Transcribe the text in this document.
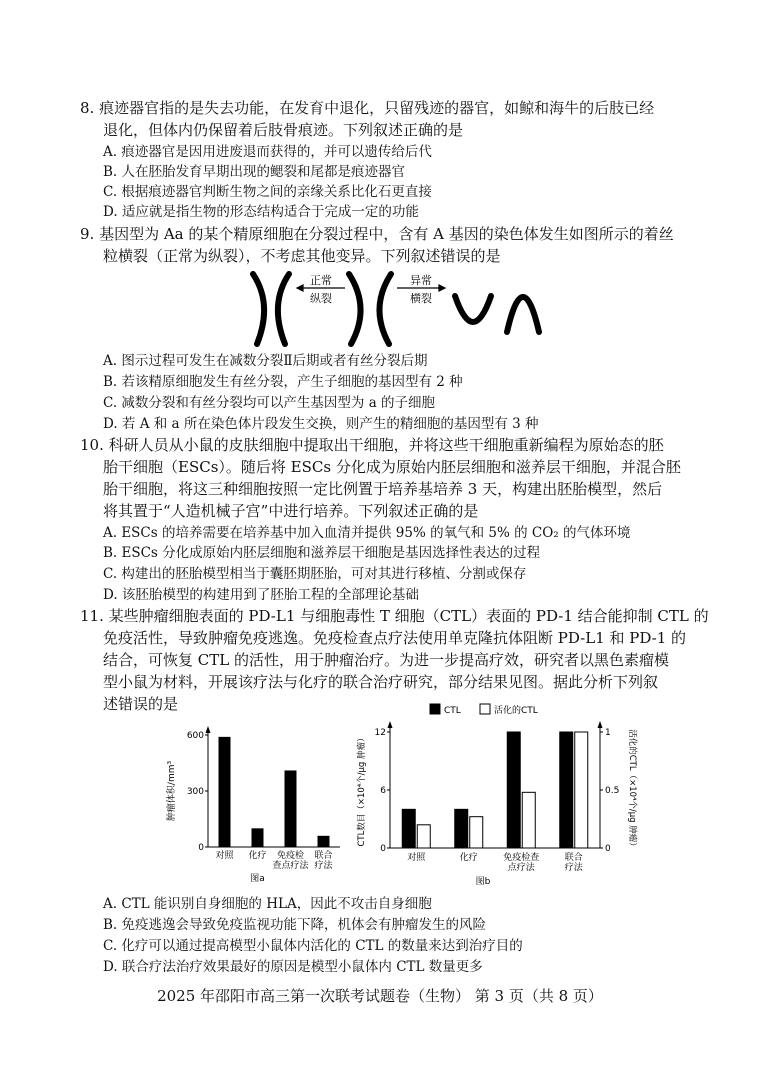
8. 痕迹器官指的是失去功能，在发育中退化，只留残迹的器官，如鲸和海牛的后肢已经
退化，但体内仍保留着后肢骨痕迹。下列叙述正确的是
A. 痕迹器官是因用进废退而获得的，并可以遗传给后代
B. 人在胚胎发育早期出现的鳃裂和尾都是痕迹器官
C. 根据痕迹器官判断生物之间的亲缘关系比化石更直接
D. 适应就是指生物的形态结构适合于完成一定的功能
9. 基因型为 Aa 的某个精原细胞在分裂过程中，含有 A 基因的染色体发生如图所示的着丝
粒横裂（正常为纵裂），不考虑其他变异。下列叙述错误的是
正常
纵裂
异常
横裂
A. 图示过程可发生在减数分裂Ⅱ后期或者有丝分裂后期
B. 若该精原细胞发生有丝分裂，产生子细胞的基因型有 2 种
C. 减数分裂和有丝分裂均可以产生基因型为 a 的子细胞
D. 若 A 和 a 所在染色体片段发生交换，则产生的精细胞的基因型有 3 种
10. 科研人员从小鼠的皮肤细胞中提取出干细胞，并将这些干细胞重新编程为原始态的胚
胎干细胞（ESCs）。随后将 ESCs 分化成为原始内胚层细胞和滋养层干细胞，并混合胚
胎干细胞，将这三种细胞按照一定比例置于培养基培养 3 天，构建出胚胎模型，然后
将其置于“人造机械子宫”中进行培养。下列叙述正确的是
A. ESCs 的培养需要在培养基中加入血清并提供 95% 的氧气和 5% 的 CO₂ 的气体环境
B. ESCs 分化成原始内胚层细胞和滋养层干细胞是基因选择性表达的过程
C. 构建出的胚胎模型相当于囊胚期胚胎，可对其进行移植、分割或保存
D. 该胚胎模型的构建用到了胚胎工程的全部理论基础
11. 某些肿瘤细胞表面的 PD-L1 与细胞毒性 T 细胞（CTL）表面的 PD-1 结合能抑制 CTL 的
免疫活性，导致肿瘤免疫逃逸。免疫检查点疗法使用单克隆抗体阻断 PD-L1 和 PD-1 的
结合，可恢复 CTL 的活性，用于肿瘤治疗。为进一步提高疗效，研究者以黑色素瘤模
型小鼠为材料，开展该疗法与化疗的联合治疗研究，部分结果见图。据此分析下列叙
述错误的是
0
300
600
肿瘤体积/mm³
对照 化疗	免疫检查点疗法
联合疗法
图a
CTL	活化的CTL
0
6
12
0
0.5
1
CTL数目（×10⁴个/μg 肿瘤）	活化的CTL（×10⁴个/μg 肿瘤）
对照	化疗	免疫检查点疗法
联合疗法
图b
A. CTL 能识别自身细胞的 HLA，因此不攻击自身细胞
B. 免疫逃逸会导致免疫监视功能下降，机体会有肿瘤发生的风险
C. 化疗可以通过提高模型小鼠体内活化的 CTL 的数量来达到治疗目的
D. 联合疗法治疗效果最好的原因是模型小鼠体内 CTL 数量更多
2025 年邵阳市高三第一次联考试题卷（生物） 第 3 页（共 8 页）
